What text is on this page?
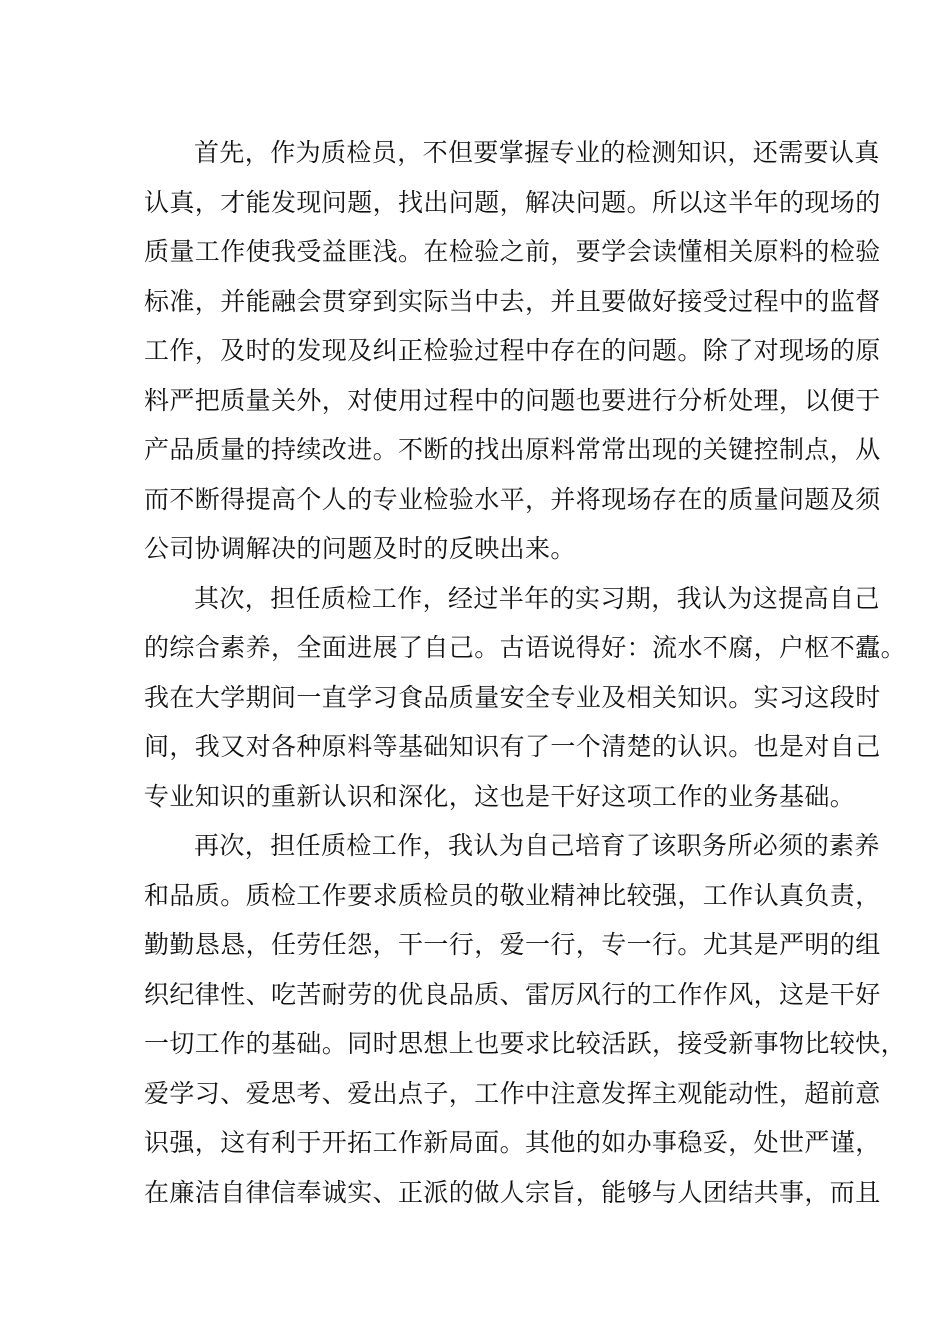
首先，作为质检员，不但要掌握专业的检测知识，还需要认真
认真，才能发现问题，找出问题，解决问题。所以这半年的现场的
质量工作使我受益匪浅。在检验之前，要学会读懂相关原料的检验
标准，并能融会贯穿到实际当中去，并且要做好接受过程中的监督
工作，及时的发现及纠正检验过程中存在的问题。除了对现场的原
料严把质量关外，对使用过程中的问题也要进行分析处理，以便于
产品质量的持续改进。不断的找出原料常常出现的关键控制点，从
而不断得提高个人的专业检验水平，并将现场存在的质量问题及须
公司协调解决的问题及时的反映出来。
其次，担任质检工作，经过半年的实习期，我认为这提高自己
的综合素养，全面进展了自己。古语说得好：流水不腐，户枢不蠹。
我在大学期间一直学习食品质量安全专业及相关知识。实习这段时
间，我又对各种原料等基础知识有了一个清楚的认识。也是对自己
专业知识的重新认识和深化，这也是干好这项工作的业务基础。
再次，担任质检工作，我认为自己培育了该职务所必须的素养
和品质。质检工作要求质检员的敬业精神比较强，工作认真负责，
勤勤恳恳，任劳任怨，干一行，爱一行，专一行。尤其是严明的组
织纪律性、吃苦耐劳的优良品质、雷厉风行的工作作风，这是干好
一切工作的基础。同时思想上也要求比较活跃，接受新事物比较快，
爱学习、爱思考、爱出点子，工作中注意发挥主观能动性，超前意
识强，这有利于开拓工作新局面。其他的如办事稳妥，处世严谨，
在廉洁自律信奉诚实、正派的做人宗旨，能够与人团结共事，而且
